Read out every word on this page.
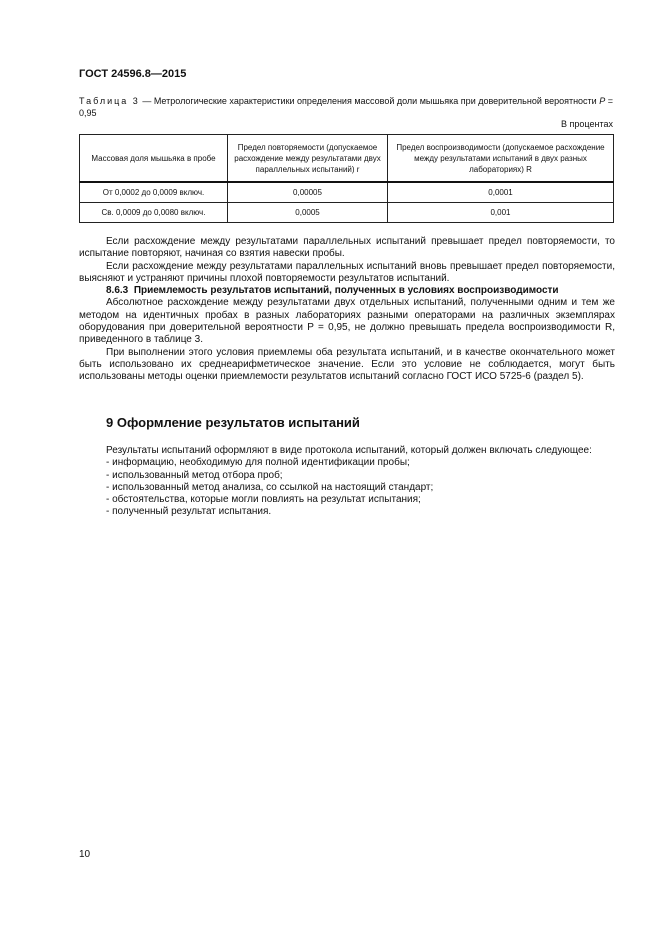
ГОСТ 24596.8—2015
Таблица 3 — Метрологические характеристики определения массовой доли мышьяка при доверительной вероятности P = 0,95
В процентах
Массовая доля мышьяка в пробе	Предел повторяемости (допускаемое расхождение между результатами двух параллельных испытаний) r	Предел воспроизводимости (допускаемое расхождение между результатами испытаний в двух разных лабораториях) R
От 0,0002 до 0,0009 включ.	0,00005	0,0001
Св. 0,0009 до 0,0080 включ.	0,0005	0,001

Если расхождение между результатами параллельных испытаний превышает предел повторяемости, то испытание повторяют, начиная со взятия навески пробы.

Если расхождение между результатами параллельных испытаний вновь превышает предел повторяемости, выясняют и устраняют причины плохой повторяемости результатов испытаний.

8.6.3 Приемлемость результатов испытаний, полученных в условиях воспроизводимости

Абсолютное расхождение между результатами двух отдельных испытаний, полученными одним и тем же методом на идентичных пробах в разных лабораториях разными операторами на различных экземплярах оборудования при доверительной вероятности P = 0,95, не должно превышать предела воспроизводимости R, приведенного в таблице 3.

При выполнении этого условия приемлемы оба результата испытаний, и в качестве окончательного может быть использовано их среднеарифметическое значение. Если это условие не соблюдается, могут быть использованы методы оценки приемлемости результатов испытаний согласно ГОСТ ИСО 5725-6 (раздел 5).

9 Оформление результатов испытаний

Результаты испытаний оформляют в виде протокола испытаний, который должен включать следующее:

- информацию, необходимую для полной идентификации пробы;
- использованный метод отбора проб;
- использованный метод анализа, со ссылкой на настоящий стандарт;
- обстоятельства, которые могли повлиять на результат испытания;
- полученный результат испытания.
10
